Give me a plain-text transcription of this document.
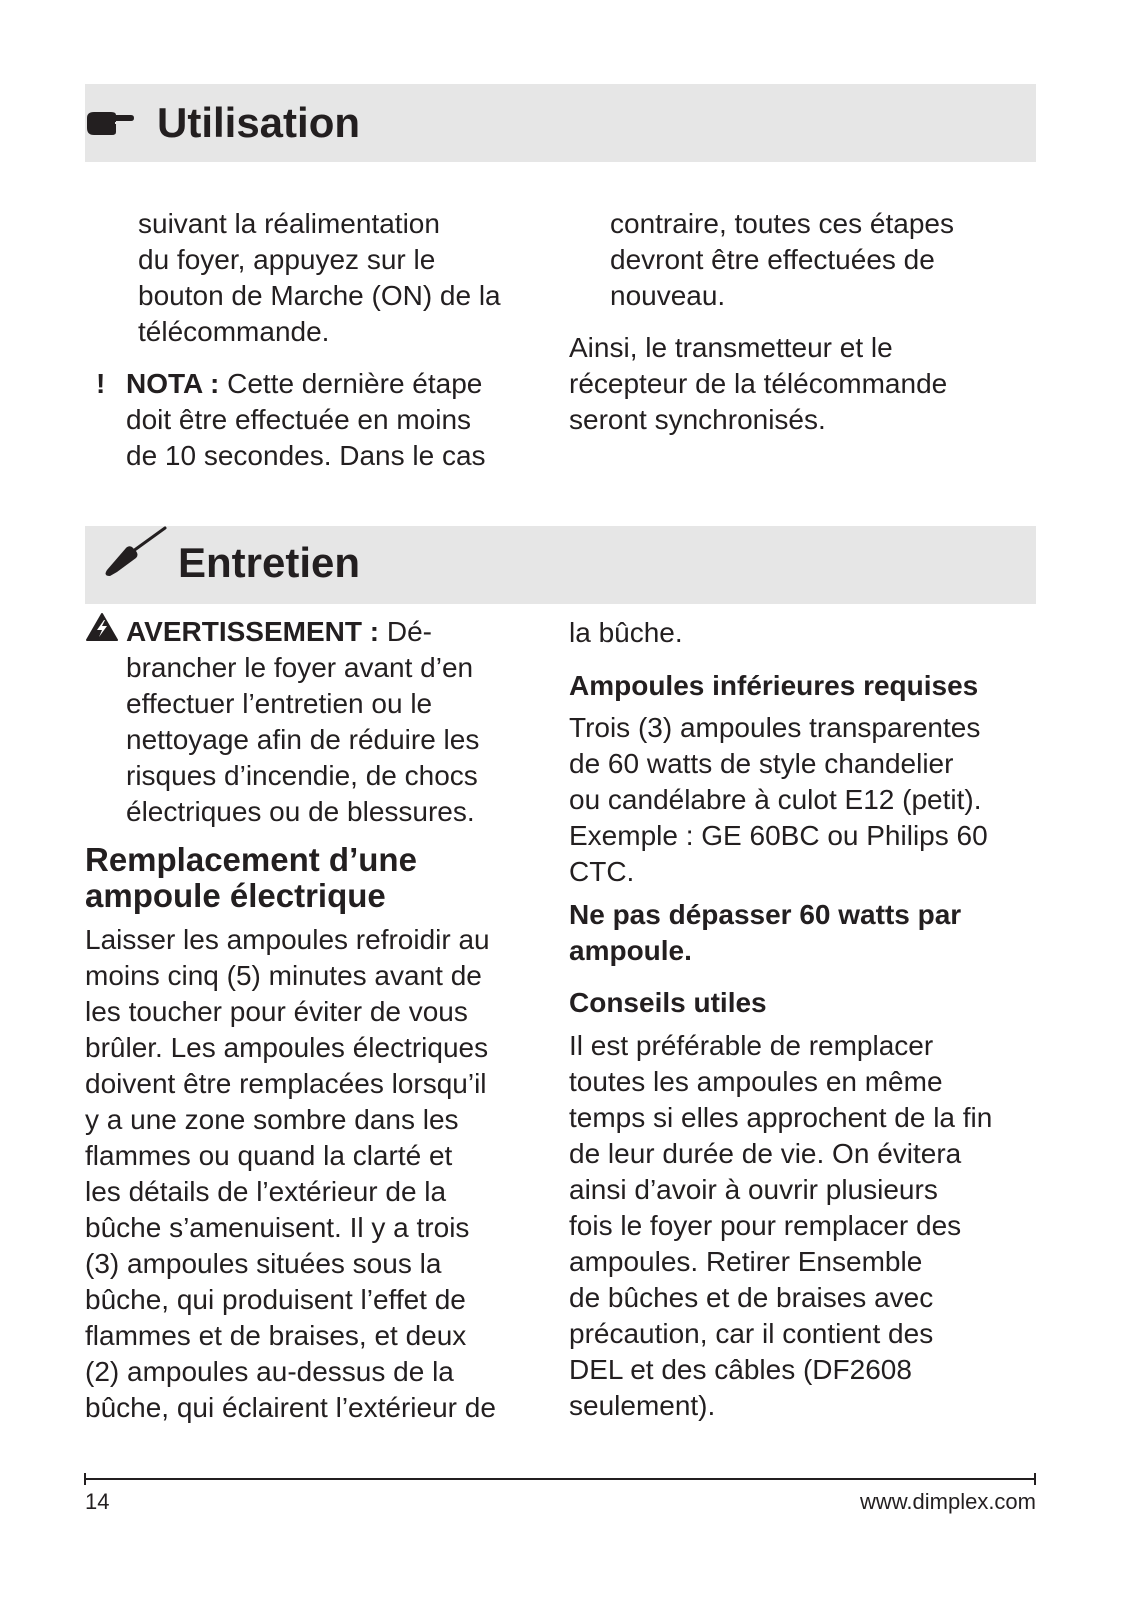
Utilisation

suivant la réalimentation
du foyer, appuyez sur le
bouton de Marche (ON) de la
télécommande.

! NOTA : Cette dernière étape
doit être effectuée en moins
de 10 secondes. Dans le cas

contraire, toutes ces étapes
devront être effectuées de
nouveau.

Ainsi, le transmetteur et le
récepteur de la télécommande
seront synchronisés.

Entretien

AVERTISSEMENT : Dé-
brancher le foyer avant d’en
effectuer l’entretien ou le
nettoyage afin de réduire les
risques d’incendie, de chocs
électriques ou de blessures.

Remplacement d’une
ampoule électrique

Laisser les ampoules refroidir au
moins cinq (5) minutes avant de
les toucher pour éviter de vous
brûler. Les ampoules électriques
doivent être remplacées lorsqu’il
y a une zone sombre dans les
flammes ou quand la clarté et
les détails de l’extérieur de la
bûche s’amenuisent. Il y a trois
(3) ampoules situées sous la
bûche, qui produisent l’effet de
flammes et de braises, et deux
(2) ampoules au-dessus de la
bûche, qui éclairent l’extérieur de

la bûche.

Ampoules inférieures requises

Trois (3) ampoules transparentes
de 60 watts de style chandelier
ou candélabre à culot E12 (petit).
Exemple : GE 60BC ou Philips 60
CTC.

Ne pas dépasser 60 watts par
ampoule.

Conseils utiles

Il est préférable de remplacer
toutes les ampoules en même
temps si elles approchent de la fin
de leur durée de vie. On évitera
ainsi d’avoir à ouvrir plusieurs
fois le foyer pour remplacer des
ampoules. Retirer Ensemble
de bûches et de braises avec
précaution, car il contient des
DEL et des câbles (DF2608
seulement).

14	www.dimplex.com
